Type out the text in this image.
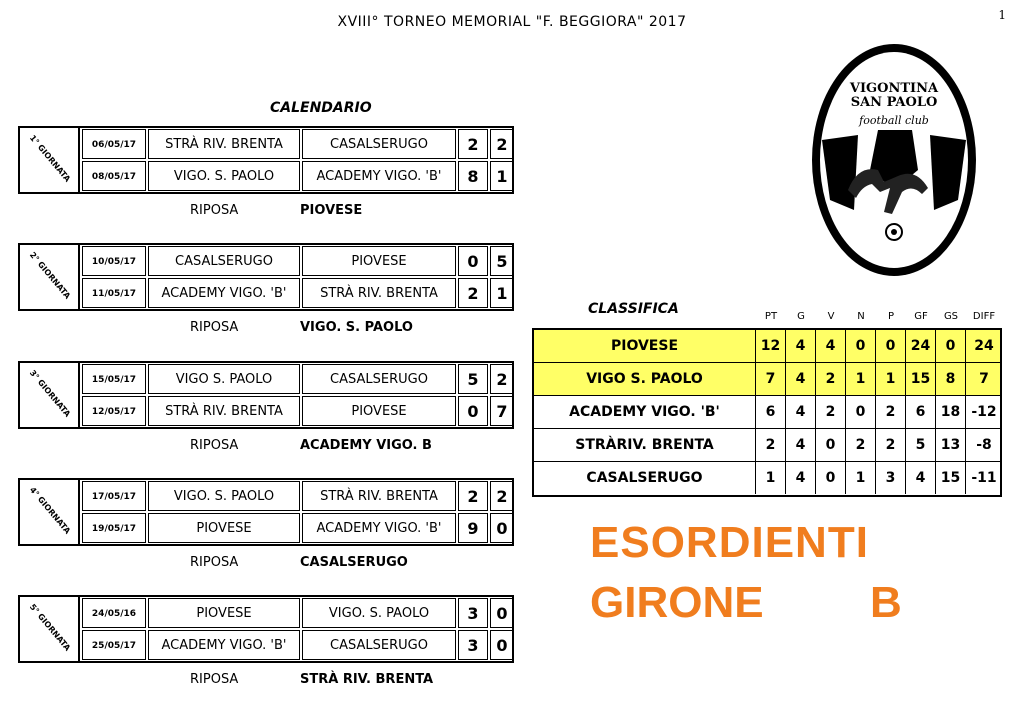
XVIII° TORNEO MEMORIAL "F. BEGGIORA" 2017	1
CALENDARIO
1° GIORNATA	06/05/17	STRÀ RIV. BRENTA	CASALSERUGO	2	2
08/05/17	VIGO. S. PAOLO	ACADEMY VIGO. 'B'	8	1
RIPOSA	PIOVESE
2° GIORNATA	10/05/17	CASALSERUGO	PIOVESE	0	5
11/05/17	ACADEMY VIGO. 'B'	STRÀ RIV. BRENTA	2	1
RIPOSA	VIGO. S. PAOLO
3° GIORNATA	15/05/17	VIGO S. PAOLO	CASALSERUGO	5	2
12/05/17	STRÀ RIV. BRENTA	PIOVESE	0	7
RIPOSA	ACADEMY VIGO. B
4° GIORNATA	17/05/17	VIGO. S. PAOLO	STRÀ RIV. BRENTA	2	2
19/05/17	PIOVESE	ACADEMY VIGO. 'B'	9	0
RIPOSA	CASALSERUGO
5° GIORNATA	24/05/16	PIOVESE	VIGO. S. PAOLO	3	0
25/05/17	ACADEMY VIGO. 'B'	CASALSERUGO	3	0
RIPOSA	STRÀ RIV. BRENTA
CLASSIFICA	PT	G	V	N	P	GF	GS	DIFF
PIOVESE	12	4	4	0	0	24	0	24
VIGO S. PAOLO	7	4	2	1	1	15	8	7
ACADEMY VIGO. 'B'	6	4	2	0	2	6	18 -12
STRÀRIV. BRENTA	2	4	0	2	2	5	13	-8
CASALSERUGO	1	4	0	1	3	4	15 -11
ESORDIENTI
GIRONE B
VIGONTINA
SAN PAOLO
football club
